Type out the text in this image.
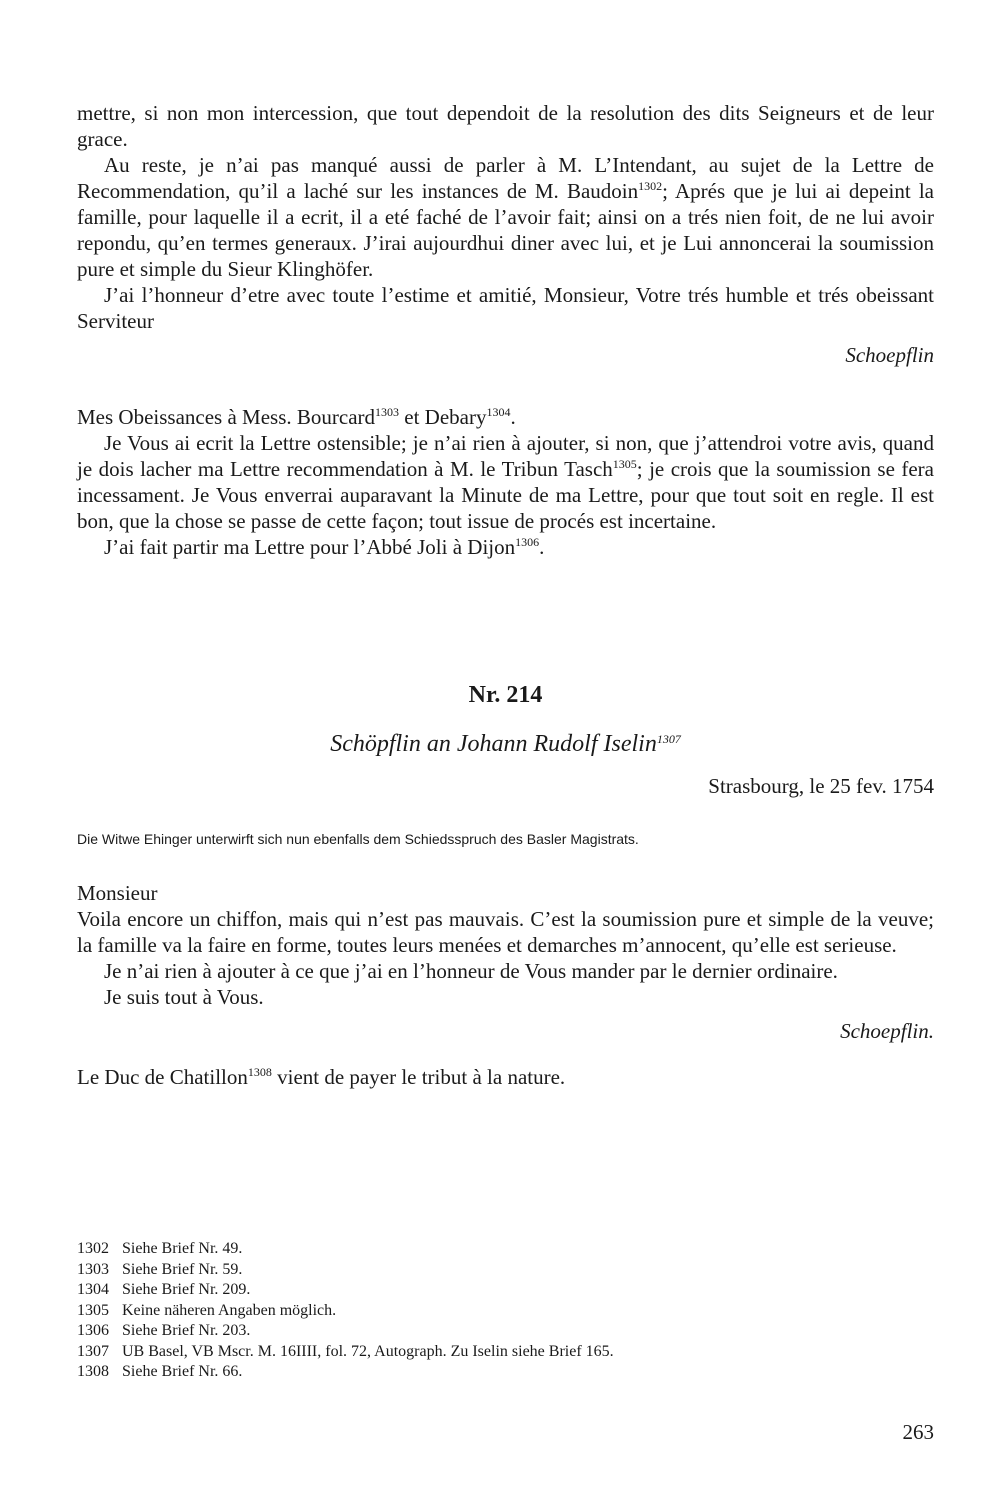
mettre, si non mon intercession, que tout dependoit de la resolution des dits Seigneurs et de leur grace.

Au reste, je n’ai pas manqué aussi de parler à M. L’Intendant, au sujet de la Lettre de Recommendation, qu’il a laché sur les instances de M. Baudoin$^{1302}$; Aprés que je lui ai depeint la famille, pour laquelle il a ecrit, il a eté faché de l’avoir fait; ainsi on a trés nien foit, de ne lui avoir repondu, qu’en termes generaux. J’irai aujourdhui diner avec lui, et je Lui annoncerai la soumission pure et simple du Sieur Klinghöfer.

J’ai l’honneur d’etre avec toute l’estime et amitié, Monsieur, Votre trés humble et trés obeissant Serviteur

Schoepflin

Mes Obeissances à Mess. Bourcard$^{1303}$ et Debary$^{1304}$.

Je Vous ai ecrit la Lettre ostensible; je n’ai rien à ajouter, si non, que j’attendroi votre avis, quand je dois lacher ma Lettre recommendation à M. le Tribun Tasch$^{1305}$; je crois que la soumission se fera incessament. Je Vous enverrai auparavant la Minute de ma Lettre, pour que tout soit en regle. Il est bon, que la chose se passe de cette façon; tout issue de procés est incertaine.

J’ai fait partir ma Lettre pour l’Abbé Joli à Dijon$^{1306}$.

Nr. 214
Schöpflin an Johann Rudolf Iselin$^{1307}$
Strasbourg, le 25 fev. 1754
Die Witwe Ehinger unterwirft sich nun ebenfalls dem Schiedsspruch des Basler Magistrats.

Monsieur

Voila encore un chiffon, mais qui n’est pas mauvais. C’est la soumission pure et simple de la veuve; la famille va la faire en forme, toutes leurs menées et demarches m’annocent, qu’elle est serieuse.

Je n’ai rien à ajouter à ce que j’ai en l’honneur de Vous mander par le dernier ordinaire.

Je suis tout à Vous.

Schoepflin.

Le Duc de Chatillon$^{1308}$ vient de payer le tribut à la nature.

1302 Siehe Brief Nr. 49.
1303 Siehe Brief Nr. 59.
1304 Siehe Brief Nr. 209.
1305 Keine näheren Angaben möglich.
1306 Siehe Brief Nr. 203.
1307 UB Basel, VB Mscr. M. 16IIII, fol. 72, Autograph. Zu Iselin siehe Brief 165.
1308 Siehe Brief Nr. 66.
263
